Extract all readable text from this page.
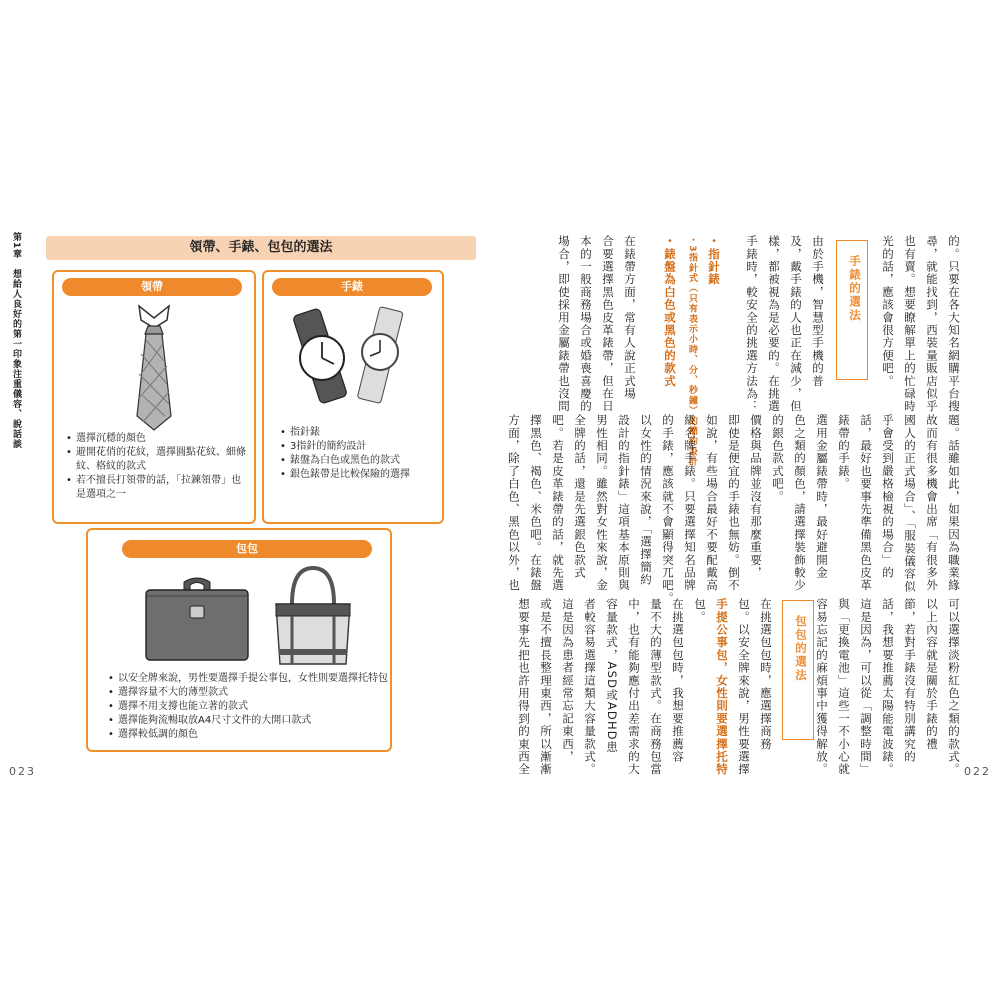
第1章　想給人良好的第一印象注重儀容、說話談	領帶、手錶、包包的選法
領帶
• 選擇沉穩的顏色
• 避開花俏的花紋，選擇圓點花紋、細條紋、格紋的款式
• 若不擅長打領帶的話，「拉鍊領帶」也是選項之一
手錶
• 指針錶
• 3指針的簡約設計
• 錶盤為白色或黑色的款式
• 銀色錶帶是比較保險的選擇
包包
• 以安全牌來說，男性要選擇手提公事包，女性則要選擇托特包
• 選擇容量不大的薄型款式
• 選擇不用支撐也能立著的款式
• 選擇能夠流暢取放A4尺寸文件的大開口款式
• 選擇較低調的顏色
023	022
的。只要在各大知名網購平台搜
尋，就能找到，西裝量販店似乎
也有賣。想要瞭解單上的忙碌時
光的話，應該會很方便吧。
手錶的選法
由於手機，智慧型手機的普
及，戴手錶的人也正在減少，但
樣，都被視為是必要的。在挑選
手錶時，較安全的挑選方法為：
・指針錶
・3指針式（只有表示小時、分、秒鐘）的簡約設計
・錶盤為白色或黑色的款式
在錶帶方面，常有人說正式場
合要選擇黑色皮革錶帶，但在日
本的一般商務場合或婚喪喜慶的
場合，即使採用金屬錶帶也沒問
題。話雖如此，如果因為職業緣
故而有很多機會出席「有很多外
國人的正式場合」、「服裝儀容似
乎會受到嚴格檢視的場合」的
話，最好也要事先準備黑色皮革
錶帶的手錶。
選用金屬錶帶時，最好避開金
色之類的顏色，請選擇裝飾較少
的銀色款式吧。
價格與品牌並沒有那麼重要，
即使是便宜的手錶也無妨。倒不
如說，有些場合最好不要配戴高
級名牌手錶。只要選擇知名品牌
的手錶，應該就不會顯得突兀吧。
以女性的情況來說，「選擇簡約
設計的指針錶」這項基本原則與
男性相同。雖然對女性來說，金
全牌的話，還是先選銀色款式
吧。若是皮革錶帶的話，就先選
擇黑色、褐色、米色吧。在錶盤
方面，除了白色、黑色以外，也
可以選擇淡粉紅色之類的款式。
以上內容就是關於手錶的禮
節，若對手錶沒有特別講究的
話，我想要推薦太陽能電波錶。
這是因為，可以從「調整時間」
與「更換電池」這些一不小心就
容易忘記的麻煩事中獲得解放。
包包的選法
在挑選包包時，應選擇商務
包。以安全牌來說，男性要選擇
手提公事包，女性則要選擇托特
包。
在挑選包包時，我想要推薦容
量不大的薄型款式。在商務包當
中，也有能夠應付出差需求的大
容量款式，ASD或ADHD患
者較容易選擇這類大容量款式。
這是因為患者經常忘記東西，
或是不擅長整理東西，所以漸漸
想要事先把也許用得到的東西全
